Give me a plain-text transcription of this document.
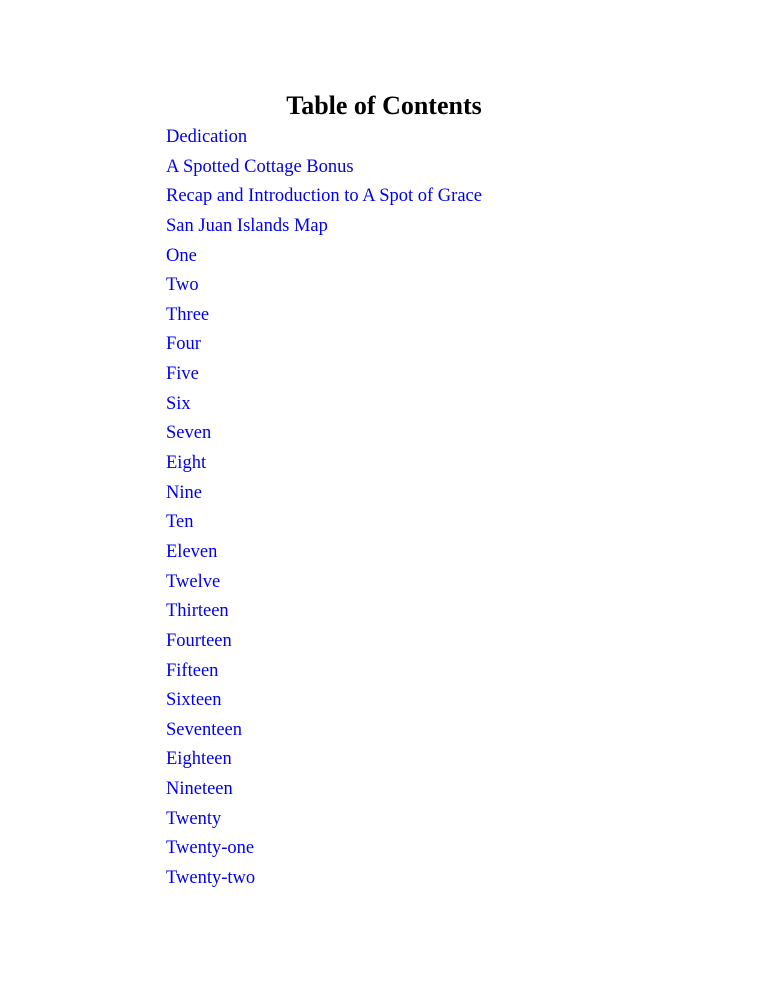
Table of Contents
Dedication
A Spotted Cottage Bonus
Recap and Introduction to A Spot of Grace
San Juan Islands Map
One
Two
Three
Four
Five
Six
Seven
Eight
Nine
Ten
Eleven
Twelve
Thirteen
Fourteen
Fifteen
Sixteen
Seventeen
Eighteen
Nineteen
Twenty
Twenty-one
Twenty-two
